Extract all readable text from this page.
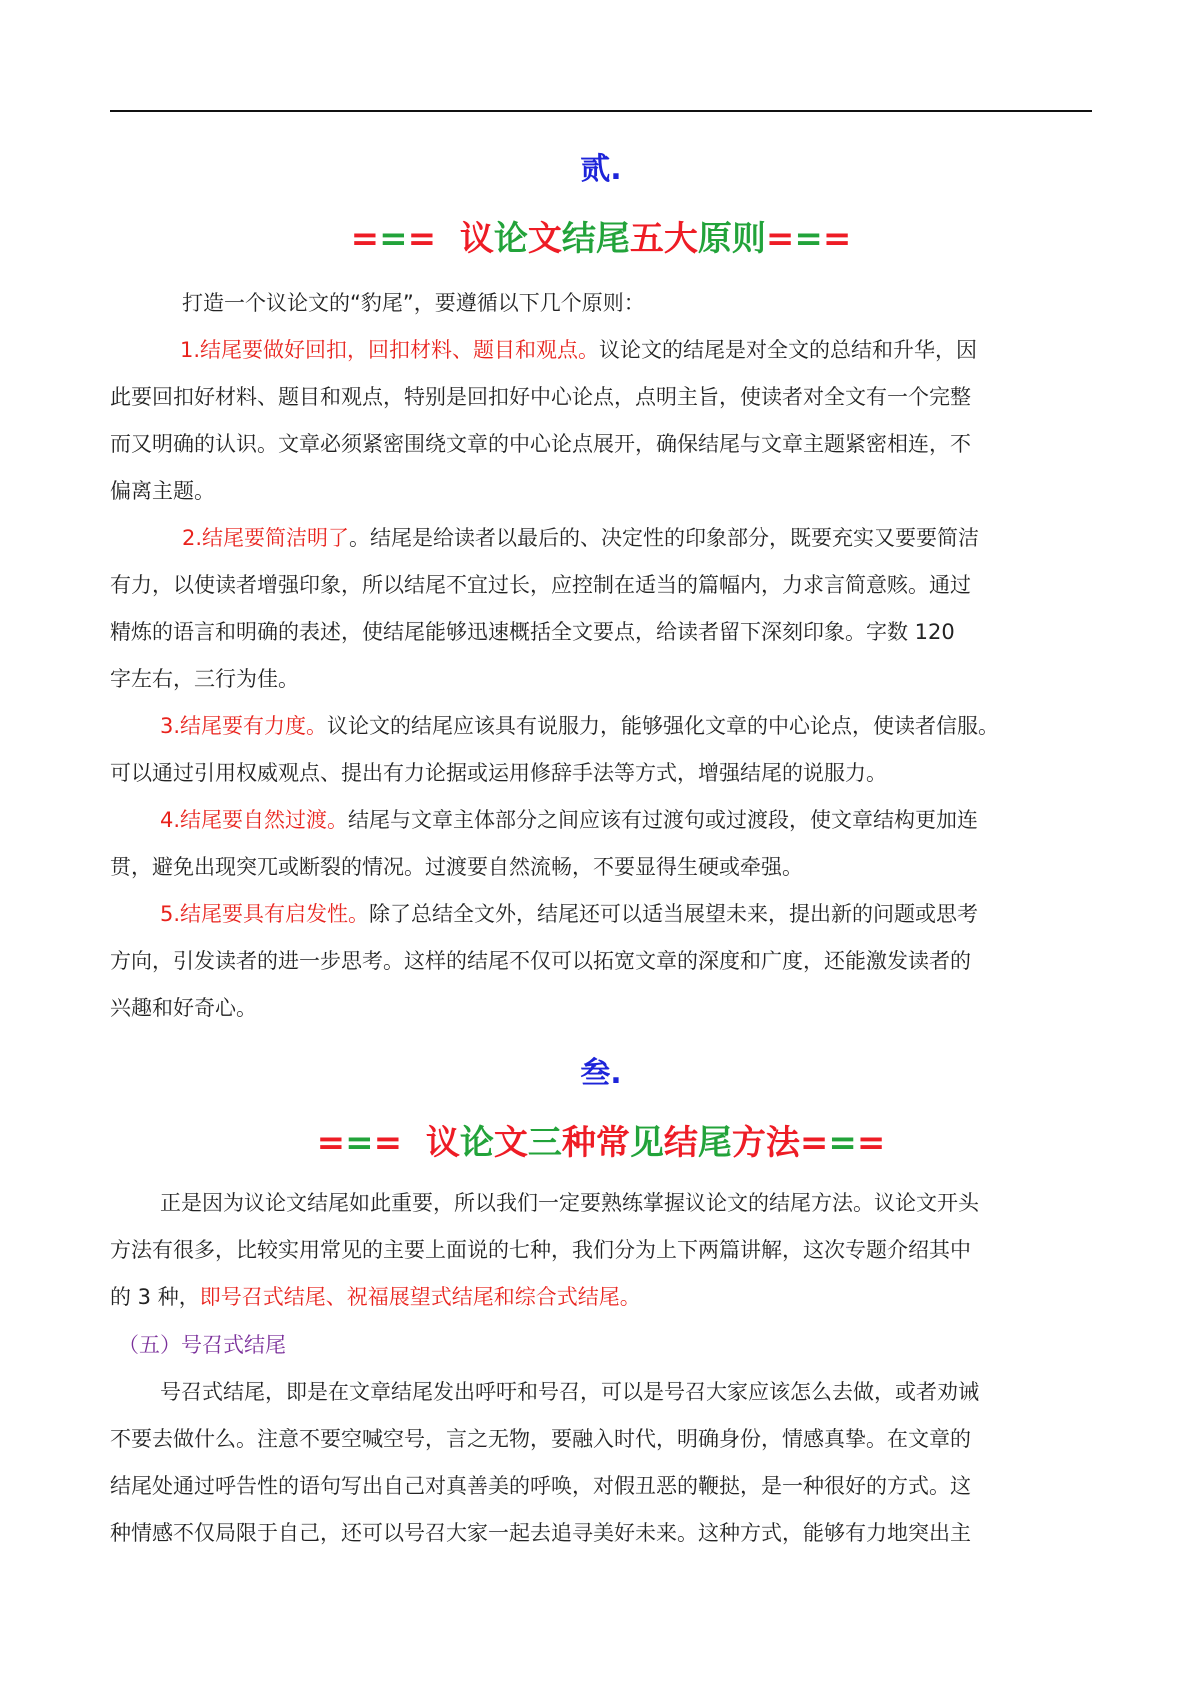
贰.
===  议论文结尾五大原则===

打造一个议论文的“豹尾”，要遵循以下几个原则：

1.结尾要做好回扣，回扣材料、题目和观点。议论文的结尾是对全文的总结和升华，因
此要回扣好材料、题目和观点，特别是回扣好中心论点，点明主旨，使读者对全文有一个完整
而又明确的认识。文章必须紧密围绕文章的中心论点展开，确保结尾与文章主题紧密相连，不
偏离主题。
2.结尾要简洁明了。结尾是给读者以最后的、决定性的印象部分，既要充实又要要简洁
有力，以使读者增强印象，所以结尾不宜过长，应控制在适当的篇幅内，力求言简意赅。通过
精炼的语言和明确的表述，使结尾能够迅速概括全文要点，给读者留下深刻印象。字数 120
字左右，三行为佳。
3.结尾要有力度。议论文的结尾应该具有说服力，能够强化文章的中心论点，使读者信服。
可以通过引用权威观点、提出有力论据或运用修辞手法等方式，增强结尾的说服力。
4.结尾要自然过渡。结尾与文章主体部分之间应该有过渡句或过渡段，使文章结构更加连
贯，避免出现突兀或断裂的情况。过渡要自然流畅，不要显得生硬或牵强。
5.结尾要具有启发性。除了总结全文外，结尾还可以适当展望未来，提出新的问题或思考
方向，引发读者的进一步思考。这样的结尾不仅可以拓宽文章的深度和广度，还能激发读者的
兴趣和好奇心。
叁.
===  议论文三种常见结尾方法===
正是因为议论文结尾如此重要，所以我们一定要熟练掌握议论文的结尾方法。议论文开头
方法有很多，比较实用常见的主要上面说的七种，我们分为上下两篇讲解，这次专题介绍其中
的 3 种，即号召式结尾、祝福展望式结尾和综合式结尾。
（五）号召式结尾
号召式结尾，即是在文章结尾发出呼吁和号召，可以是号召大家应该怎么去做，或者劝诫
不要去做什么。注意不要空喊空号，言之无物，要融入时代，明确身份，情感真挚。在文章的
结尾处通过呼告性的语句写出自己对真善美的呼唤，对假丑恶的鞭挞，是一种很好的方式。这
种情感不仅局限于自己，还可以号召大家一起去追寻美好未来。这种方式，能够有力地突出主
